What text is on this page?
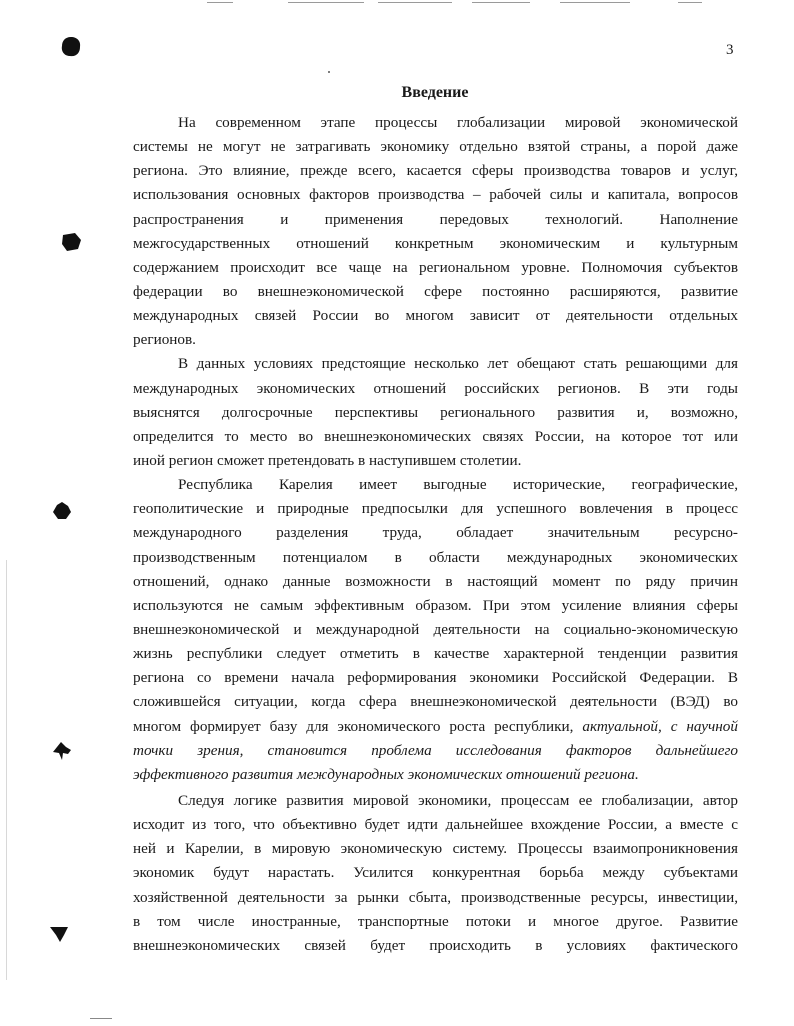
3
Введение
На современном этапе процессы глобализации мировой экономической
системы не могут не затрагивать экономику отдельно взятой страны, а порой даже
региона. Это влияние, прежде всего, касается сферы производства товаров и услуг,
использования основных факторов производства – рабочей силы и капитала, вопросов
распространения и применения передовых технологий. Наполнение
межгосударственных отношений конкретным экономическим и культурным
содержанием происходит все чаще на региональном уровне. Полномочия субъектов
федерации во внешнеэкономической сфере постоянно расширяются, развитие
международных связей России во многом зависит от деятельности отдельных
регионов.
В данных условиях предстоящие несколько лет обещают стать решающими для
международных экономических отношений российских регионов. В эти годы
выяснятся долгосрочные перспективы регионального развития и, возможно,
определится то место во внешнеэкономических связях России, на которое тот или
иной регион сможет претендовать в наступившем столетии.
Республика Карелия имеет выгодные исторические, географические,
геополитические и природные предпосылки для успешного вовлечения в процесс
международного разделения труда, обладает значительным ресурсно-
производственным потенциалом в области международных экономических
отношений, однако данные возможности в настоящий момент по ряду причин
используются не самым эффективным образом. При этом усиление влияния сферы
внешнеэкономической и международной деятельности на социально-экономическую
жизнь республики следует отметить в качестве характерной тенденции развития
региона со времени начала реформирования экономики Российской Федерации. В
сложившейся ситуации, когда сфера внешнеэкономической деятельности (ВЭД) во
многом формирует базу для экономического роста республики, актуальной, с научной
точки зрения, становится проблема исследования факторов дальнейшего
эффективного развития международных экономических отношений региона.
Следуя логике развития мировой экономики, процессам ее глобализации, автор
исходит из того, что объективно будет идти дальнейшее вхождение России, а вместе с
ней и Карелии, в мировую экономическую систему. Процессы взаимопроникновения
экономик будут нарастать. Усилится конкурентная борьба между субъектами
хозяйственной деятельности за рынки сбыта, производственные ресурсы, инвестиции,
в том числе иностранные, транспортные потоки и многое другое. Развитие
внешнеэкономических связей будет происходить в условиях фактического
